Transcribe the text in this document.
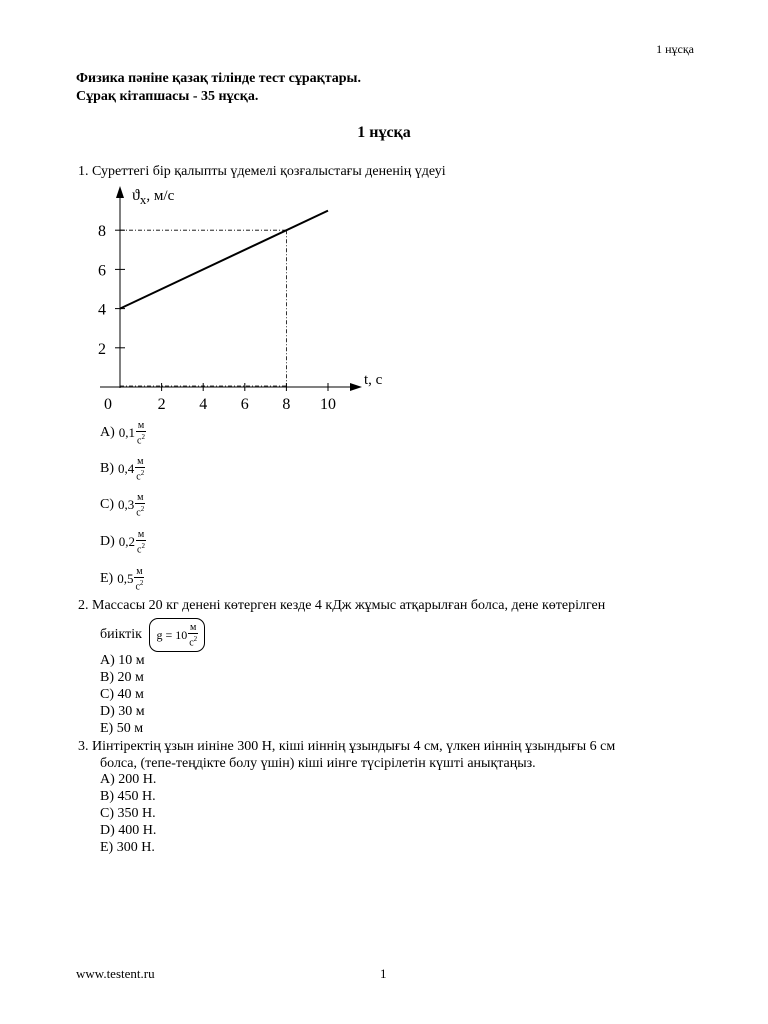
1 нұсқа
Физика пәніне қазақ тілінде тест сұрақтары.
Сұрақ кітапшасы - 35 нұсқа.
1 нұсқа
1. Суреттегі бір қалыпты үдемелі қозғалыстағы дененің үдеуі
$ϑ_x$, м/с
t, с
0	2 4 6 8 10
2
4
6
8
A) $0,1 \frac{м}{с^2}$
B) $0,4 \frac{м}{с^2}$
C) $0,3 \frac{м}{с^2}$
D) $0,2 \frac{м}{с^2}$
E) $0,5 \frac{м}{с^2}$
2. Массасы 20 кг денені көтерген кезде 4 кДж жұмыс атқарылған болса, дене көтерілген
биіктік $g = 10 \frac{м}{с^2}$
A) 10 м
B) 20 м
C) 40 м
D) 30 м
E) 50 м
3. Иінтіректің ұзын иініне 300 Н, кіші иіннің ұзындығы 4 см, үлкен иіннің ұзындығы 6 см
болса, (тепе-теңдікте болу үшін) кіші иінге түсірілетін күшті анықтаңыз.
A) 200 Н.
B) 450 Н.
C) 350 Н.
D) 400 Н.
E) 300 Н.
www.testent.ru	1
